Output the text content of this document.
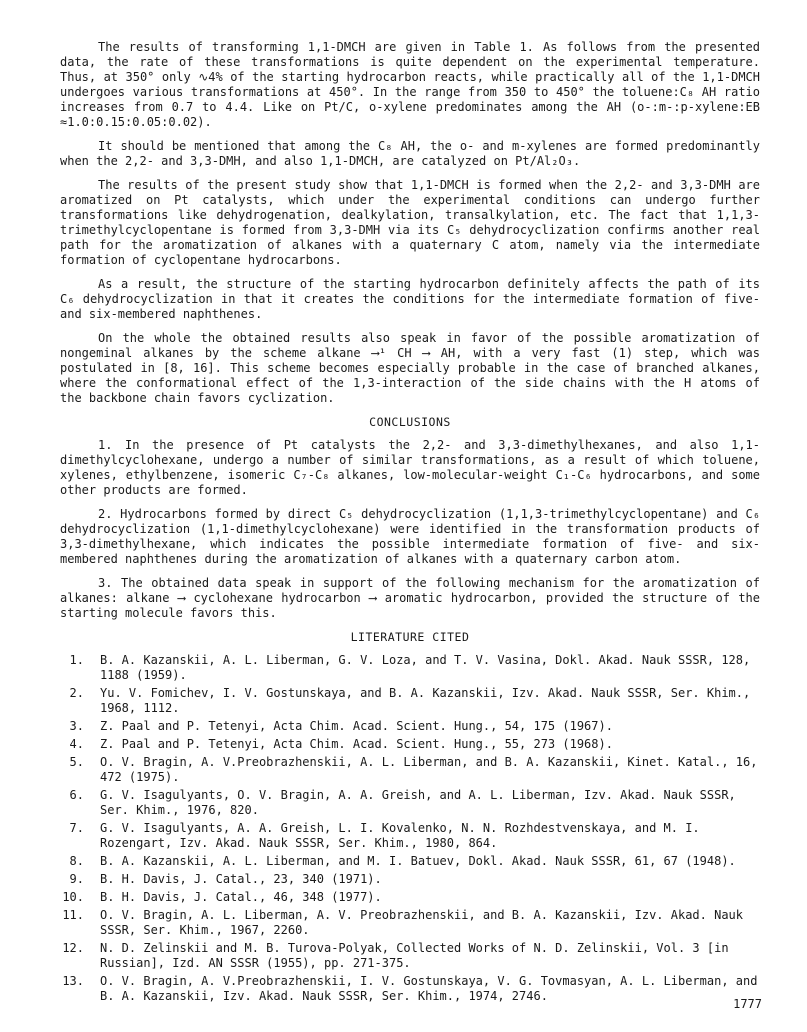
The results of transforming 1,1-DMCH are given in Table 1. As follows from the presented data, the rate of these transformations is quite dependent on the experimental temperature. Thus, at 350° only ∿4% of the starting hydrocarbon reacts, while practically all of the 1,1-DMCH undergoes various transformations at 450°. In the range from 350 to 450° the toluene:C₈ AH ratio increases from 0.7 to 4.4. Like on Pt/C, o-xylene predominates among the AH (o-:m-:p-xylene:EB ≈1.0:0.15:0.05:0.02).

It should be mentioned that among the C₈ AH, the o- and m-xylenes are formed predominantly when the 2,2- and 3,3-DMH, and also 1,1-DMCH, are catalyzed on Pt/Al₂O₃.

The results of the present study show that 1,1-DMCH is formed when the 2,2- and 3,3-DMH are aromatized on Pt catalysts, which under the experimental conditions can undergo further transformations like dehydrogenation, dealkylation, transalkylation, etc. The fact that 1,1,3-trimethylcyclopentane is formed from 3,3-DMH via its C₅ dehydrocyclization confirms another real path for the aromatization of alkanes with a quaternary C atom, namely via the intermediate formation of cyclopentane hydrocarbons.

As a result, the structure of the starting hydrocarbon definitely affects the path of its C₆ dehydrocyclization in that it creates the conditions for the intermediate formation of five- and six-membered naphthenes.

On the whole the obtained results also speak in favor of the possible aromatization of nongeminal alkanes by the scheme alkane ⟶¹ CH ⟶ AH, with a very fast (1) step, which was postulated in [8, 16]. This scheme becomes especially probable in the case of branched alkanes, where the conformational effect of the 1,3-interaction of the side chains with the H atoms of the backbone chain favors cyclization.

CONCLUSIONS

1. In the presence of Pt catalysts the 2,2- and 3,3-dimethylhexanes, and also 1,1-dimethylcyclohexane, undergo a number of similar transformations, as a result of which toluene, xylenes, ethylbenzene, isomeric C₇-C₈ alkanes, low-molecular-weight C₁-C₆ hydrocarbons, and some other products are formed.

2. Hydrocarbons formed by direct C₅ dehydrocyclization (1,1,3-trimethylcyclopentane) and C₆ dehydrocyclization (1,1-dimethylcyclohexane) were identified in the transformation products of 3,3-dimethylhexane, which indicates the possible intermediate formation of five- and six-membered naphthenes during the aromatization of alkanes with a quaternary carbon atom.

3. The obtained data speak in support of the following mechanism for the aromatization of alkanes: alkane ⟶ cyclohexane hydrocarbon ⟶ aromatic hydrocarbon, provided the structure of the starting molecule favors this.

LITERATURE CITED
1. B. A. Kazanskii, A. L. Liberman, G. V. Loza, and T. V. Vasina, Dokl. Akad. Nauk SSSR, 128, 1188 (1959).
2. Yu. V. Fomichev, I. V. Gostunskaya, and B. A. Kazanskii, Izv. Akad. Nauk SSSR, Ser. Khim., 1968, 1112.
3. Z. Paal and P. Tetenyi, Acta Chim. Acad. Scient. Hung., 54, 175 (1967).
4. Z. Paal and P. Tetenyi, Acta Chim. Acad. Scient. Hung., 55, 273 (1968).
5. O. V. Bragin, A. V.Preobrazhenskii, A. L. Liberman, and B. A. Kazanskii, Kinet. Katal., 16, 472 (1975).
6. G. V. Isagulyants, O. V. Bragin, A. A. Greish, and A. L. Liberman, Izv. Akad. Nauk SSSR, Ser. Khim., 1976, 820.
7. G. V. Isagulyants, A. A. Greish, L. I. Kovalenko, N. N. Rozhdestvenskaya, and M. I. Rozengart, Izv. Akad. Nauk SSSR, Ser. Khim., 1980, 864.
8. B. A. Kazanskii, A. L. Liberman, and M. I. Batuev, Dokl. Akad. Nauk SSSR, 61, 67 (1948).
9. B. H. Davis, J. Catal., 23, 340 (1971).
10. B. H. Davis, J. Catal., 46, 348 (1977).
11. O. V. Bragin, A. L. Liberman, A. V. Preobrazhenskii, and B. A. Kazanskii, Izv. Akad. Nauk SSSR, Ser. Khim., 1967, 2260.
12. N. D. Zelinskii and M. B. Turova-Polyak, Collected Works of N. D. Zelinskii, Vol. 3 [in Russian], Izd. AN SSSR (1955), pp. 271-375.
13. O. V. Bragin, A. V.Preobrazhenskii, I. V. Gostunskaya, V. G. Tovmasyan, A. L. Liberman, and B. A. Kazanskii, Izv. Akad. Nauk SSSR, Ser. Khim., 1974, 2746.
1777
